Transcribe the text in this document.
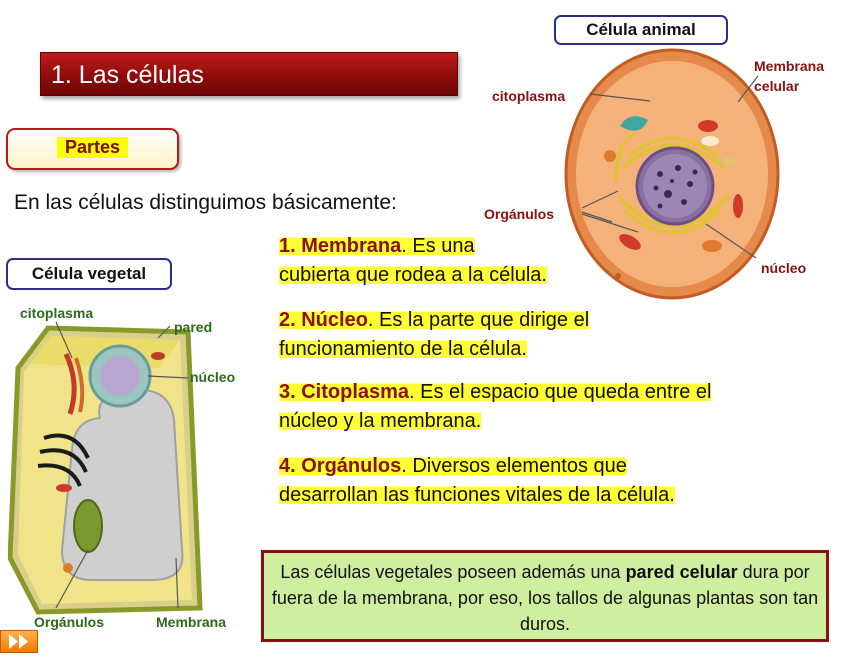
1. Las células
Partes
En las células distinguimos básicamente:
Célula animal
citoplasma
Membrana
celular
Orgánulos
núcleo
Célula vegetal
citoplasma
pared
núcleo
Orgánulos	Membrana
1. Membrana. Es una
cubierta que rodea a la célula.
2. Núcleo. Es la parte que dirige el
funcionamiento de la célula.
3. Citoplasma. Es el espacio que queda entre el
núcleo y la membrana.
4. Orgánulos. Diversos elementos que
desarrollan las funciones vitales de la célula.
Las células vegetales poseen además una pared celular dura por fuera de la membrana, por eso, los tallos de algunas plantas son tan duros.
